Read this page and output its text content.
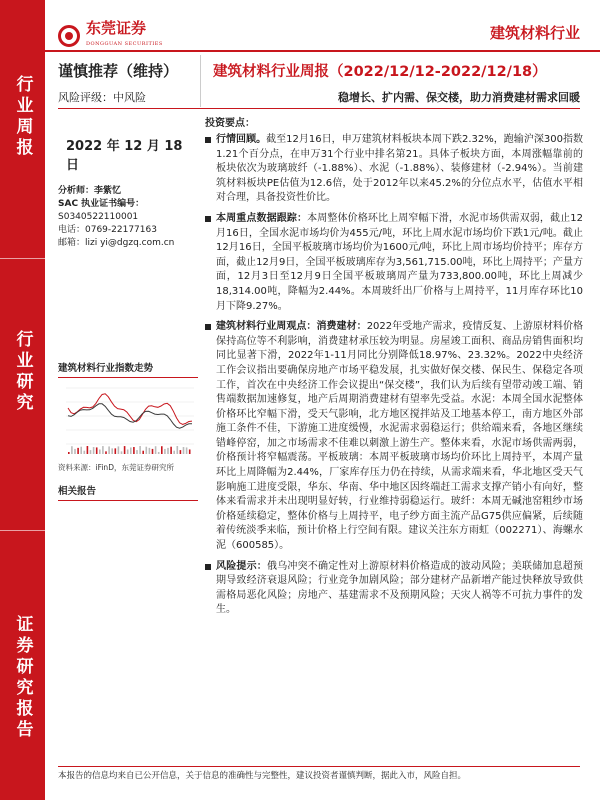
行业周报
行业研究
证券研究报告
东莞证券
DONGGUAN SECURITIES
建筑材料行业
谨慎推荐（维持）
风险评级：中风险
建筑材料行业周报（2022/12/12-2022/12/18）
稳增长、扩内需、保交楼，助力消费建材需求回暖
2022 年 12 月 18 日
分析师：李紫忆
SAC 执业证书编号：
S0340522110001
电话：0769-22177163
邮箱：lizi yi@dgzq.com.cn
建筑材料行业指数走势
资料来源：iFinD，东莞证券研究所
相关报告
投资要点：

行情回顾。截至12月16日，申万建筑材料板块本周下跌2.32%，跑输沪深300指数1.21个百分点，在申万31个行业中排名第21。具体子板块方面，本周涨幅靠前的板块依次为玻璃玻纤（-1.88%）、水泥（-1.88%）、装修建材（-2.94%）。当前建筑材料板块PE估值为12.6倍，处于2012年以来45.2%的分位点水平，估值水平相对合理，具备投资性价比。

本周重点数据跟踪：本周整体价格环比上周窄幅下滑，水泥市场供需双弱，截止12月16日，全国水泥市场均价为455元/吨，环比上周水泥市场均价下跌1元/吨。截止12月16日，全国平板玻璃市场均价为1600元/吨，环比上周市场均价持平；库存方面，截止12月9日，全国平板玻璃库存为3,561,715.00吨，环比上周持平；产量方面，12月3日至12月9日全国平板玻璃周产量为733,800.00吨，环比上周减少18,314.00吨，降幅为2.44%。本周玻纤出厂价格与上周持平，11月库存环比10月下降9.27%。

建筑材料行业周观点：消费建材：2022年受地产需求，疫情反复、上游原材料价格保持高位等不利影响，消费建材承压较为明显。房屋竣工面积、商品房销售面积均同比显著下滑，2022年1-11月同比分别降低18.97%、23.32%。2022中央经济工作会议指出要确保房地产市场平稳发展，扎实做好保交楼、保民生、保稳定各项工作，首次在中央经济工作会议提出“保交楼”，我们认为后续有望带动竣工端、销售端数据加速修复，地产后周期消费建材有望率先受益。水泥：本周全国水泥整体价格环比窄幅下滑，受天气影响，北方地区搅拌站及工地基本停工，南方地区外部施工条件不佳，下游施工进度缓慢，水泥需求弱稳运行；供给端来看，各地区继续错峰停窑，加之市场需求不佳难以刺激上游生产。整体来看，水泥市场供需两弱，价格预计将窄幅震荡。平板玻璃：本周平板玻璃市场均价环比上周持平，本周产量环比上周降幅为2.44%，厂家库存压力仍在持续，从需求端来看，华北地区受天气影响施工进度受限，华东、华南、华中地区因终端赶工需求支撑产销小有向好，整体来看需求并未出现明显好转，行业维持弱稳运行。玻纤：本周无碱池窑粗纱市场价格延续稳定，整体价格与上周持平，电子纱方面主流产品G75供应偏紧，后续随着传统淡季来临，预计价格上行空间有限。建议关注东方雨虹（002271）、海螺水泥（600585）。

风险提示：俄乌冲突不确定性对上游原材料价格造成的波动风险；美联储加息超预期导致经济衰退风险；行业竞争加剧风险；部分建材产品新增产能过快释放导致供需格局恶化风险；房地产、基建需求不及预期风险；天灾人祸等不可抗力事件的发生。

本报告的信息均来自已公开信息，关于信息的准确性与完整性，建议投资者谨慎判断，据此入市，风险自担。
